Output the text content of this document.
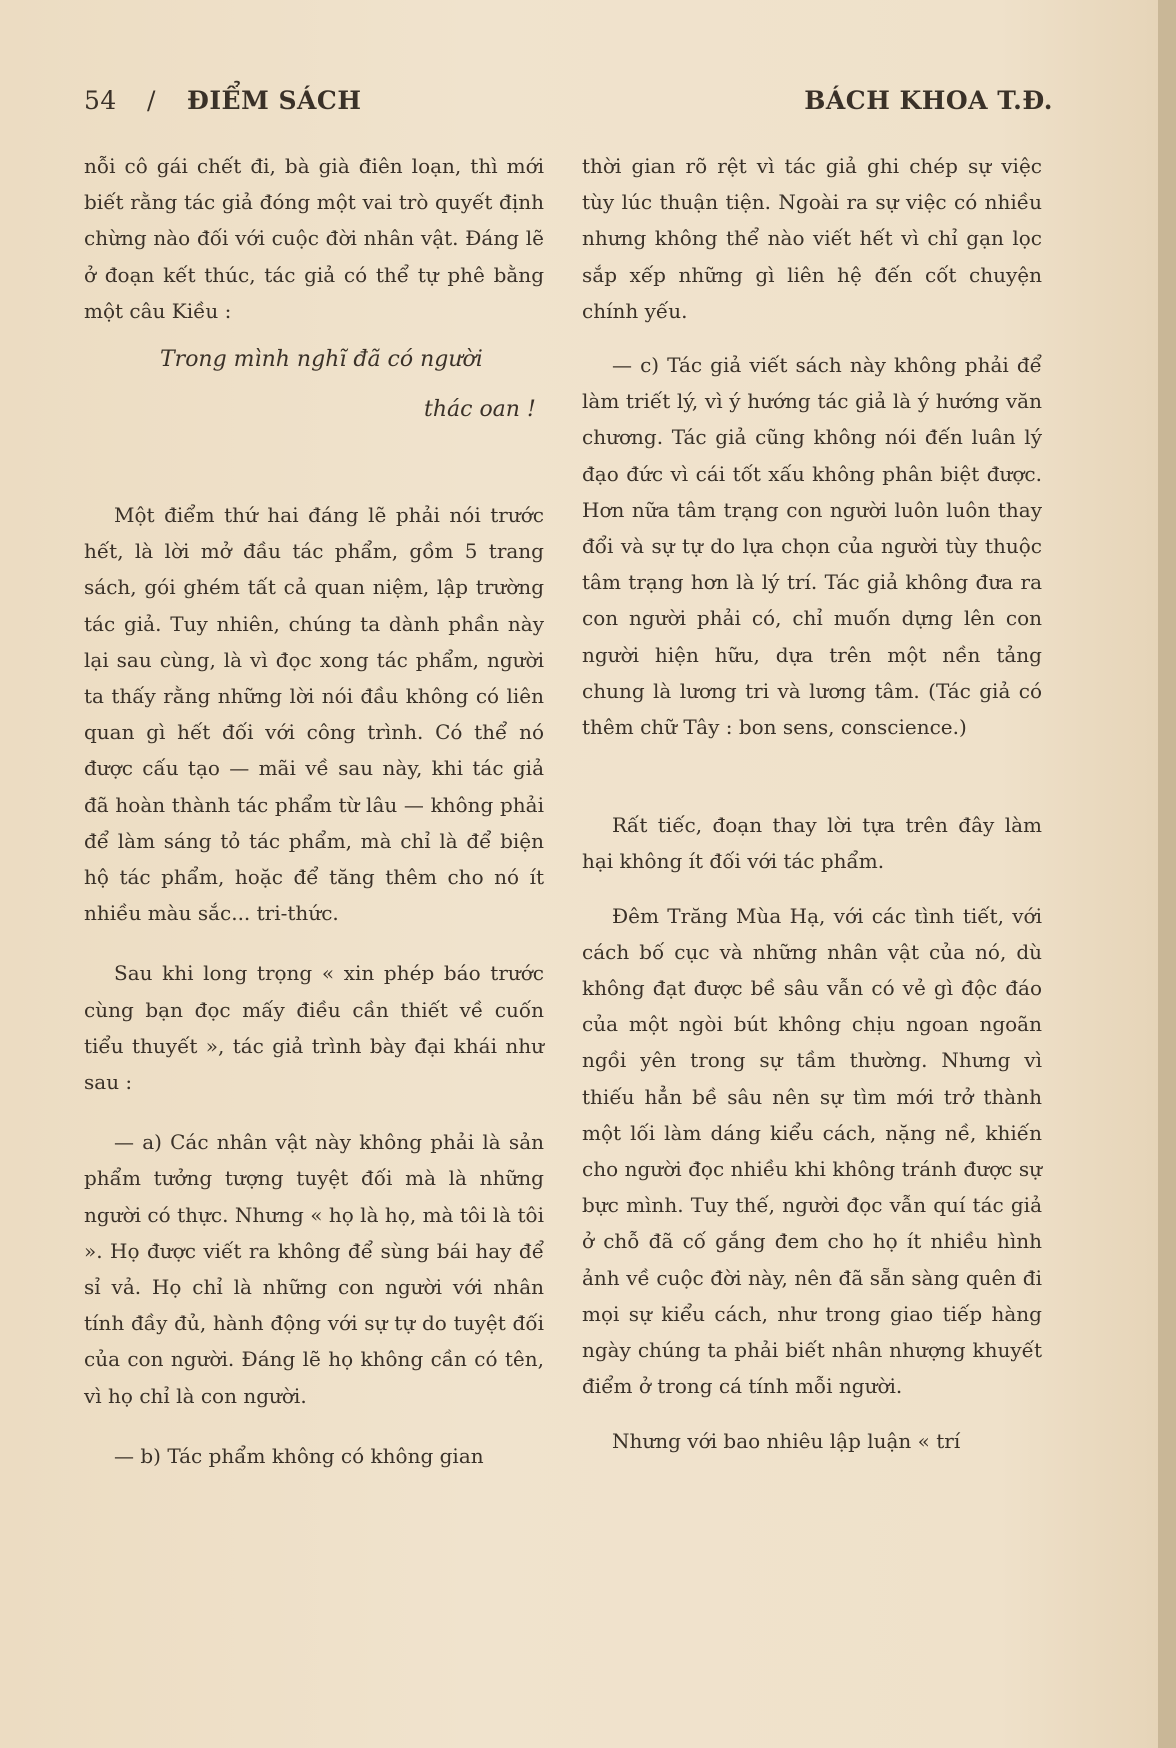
54 / ĐIỂM SÁCH	BÁCH KHOA T.Đ.

nỗi cô gái chết đi, bà già điên loạn, thì mới biết rằng tác giả đóng một vai trò quyết định chừng nào đối với cuộc đời nhân vật. Đáng lẽ ở đoạn kết thúc, tác giả có thể tự phê bằng một câu Kiều :

Trong mình nghĩ đã có người
thác oan !

Một điểm thứ hai đáng lẽ phải nói trước hết, là lời mở đầu tác phẩm, gồm 5 trang sách, gói ghém tất cả quan niệm, lập trường tác giả. Tuy nhiên, chúng ta dành phần này lại sau cùng, là vì đọc xong tác phẩm, người ta thấy rằng những lời nói đầu không có liên quan gì hết đối với công trình. Có thể nó được cấu tạo — mãi về sau này, khi tác giả đã hoàn thành tác phẩm từ lâu — không phải để làm sáng tỏ tác phẩm, mà chỉ là để biện hộ tác phẩm, hoặc để tăng thêm cho nó ít nhiều màu sắc... tri-thức.

Sau khi long trọng « xin phép báo trước cùng bạn đọc mấy điều cần thiết về cuốn tiểu thuyết », tác giả trình bày đại khái như sau :

— a) Các nhân vật này không phải là sản phẩm tưởng tượng tuyệt đối mà là những người có thực. Nhưng « họ là họ, mà tôi là tôi ». Họ được viết ra không để sùng bái hay để sỉ vả. Họ chỉ là những con người với nhân tính đầy đủ, hành động với sự tự do tuyệt đối của con người. Đáng lẽ họ không cần có tên, vì họ chỉ là con người.

— b) Tác phẩm không có không gian

thời gian rõ rệt vì tác giả ghi chép sự việc tùy lúc thuận tiện. Ngoài ra sự việc có nhiều nhưng không thể nào viết hết vì chỉ gạn lọc sắp xếp những gì liên hệ đến cốt chuyện chính yếu.

— c) Tác giả viết sách này không phải để làm triết lý, vì ý hướng tác giả là ý hướng văn chương. Tác giả cũng không nói đến luân lý đạo đức vì cái tốt xấu không phân biệt được. Hơn nữa tâm trạng con người luôn luôn thay đổi và sự tự do lựa chọn của người tùy thuộc tâm trạng hơn là lý trí. Tác giả không đưa ra con người phải có, chỉ muốn dựng lên con người hiện hữu, dựa trên một nền tảng chung là lương tri và lương tâm. (Tác giả có thêm chữ Tây : bon sens, conscience.)

Rất tiếc, đoạn thay lời tựa trên đây làm hại không ít đối với tác phẩm.

Đêm Trăng Mùa Hạ, với các tình tiết, với cách bố cục và những nhân vật của nó, dù không đạt được bề sâu vẫn có vẻ gì độc đáo của một ngòi bút không chịu ngoan ngoãn ngồi yên trong sự tầm thường. Nhưng vì thiếu hẳn bề sâu nên sự tìm mới trở thành một lối làm dáng kiểu cách, nặng nề, khiến cho người đọc nhiều khi không tránh được sự bực mình. Tuy thế, người đọc vẫn quí tác giả ở chỗ đã cố gắng đem cho họ ít nhiều hình ảnh về cuộc đời này, nên đã sẵn sàng quên đi mọi sự kiểu cách, như trong giao tiếp hàng ngày chúng ta phải biết nhân nhượng khuyết điểm ở trong cá tính mỗi người.

Nhưng với bao nhiêu lập luận « trí
